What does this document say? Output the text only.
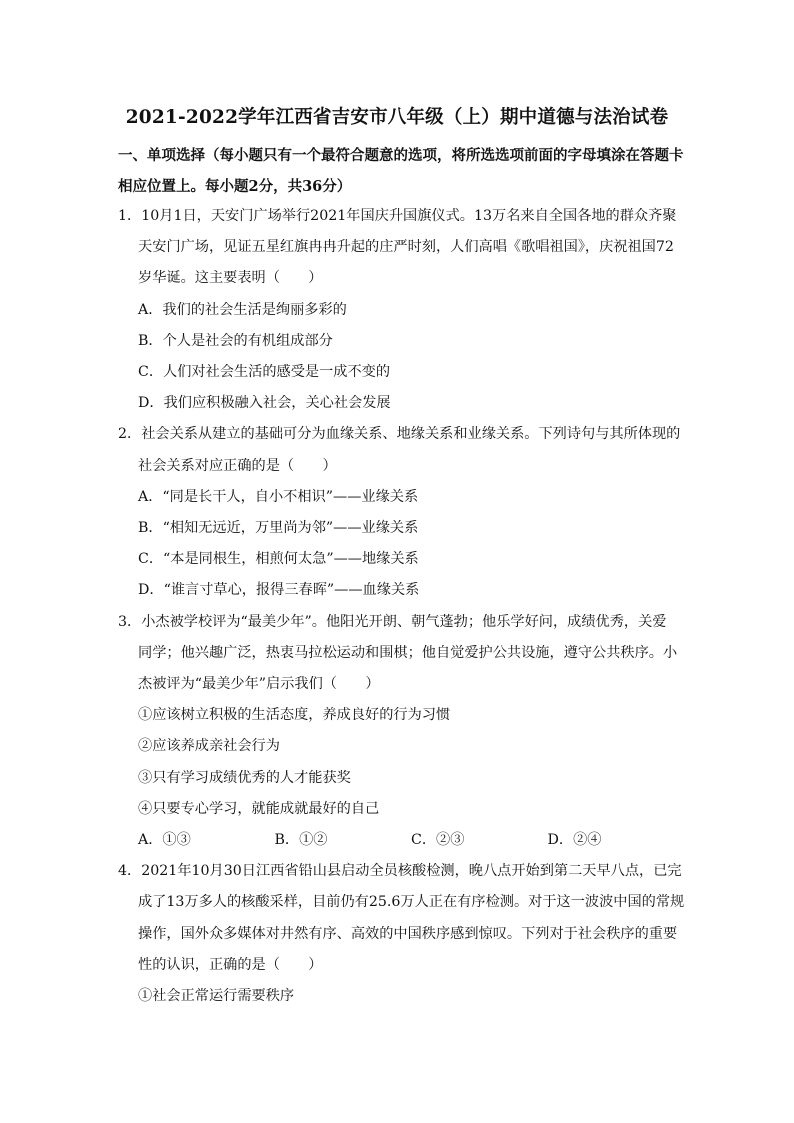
2021-2022学年江西省吉安市八年级（上）期中道德与法治试卷
一、单项选择（每小题只有一个最符合题意的选项，将所选选项前面的字母填涂在答题卡
相应位置上。每小题2分，共36分）
1．10月1日，天安门广场举行2021年国庆升国旗仪式。13万名来自全国各地的群众齐聚
天安门广场，见证五星红旗冉冉升起的庄严时刻，人们高唱《歌唱祖国》，庆祝祖国72
岁华诞。这主要表明（　　）
A．我们的社会生活是绚丽多彩的
B．个人是社会的有机组成部分
C．人们对社会生活的感受是一成不变的
D．我们应积极融入社会，关心社会发展
2．社会关系从建立的基础可分为血缘关系、地缘关系和业缘关系。下列诗句与其所体现的
社会关系对应正确的是（　　）
A．“同是长干人，自小不相识”——业缘关系
B．“相知无远近，万里尚为邻”——业缘关系
C．“本是同根生，相煎何太急”——地缘关系
D．“谁言寸草心，报得三春晖”——血缘关系
3．小杰被学校评为“最美少年”。他阳光开朗、朝气蓬勃；他乐学好问，成绩优秀，关爱
同学；他兴趣广泛，热衷马拉松运动和围棋；他自觉爱护公共设施，遵守公共秩序。小
杰被评为“最美少年”启示我们（　　）
①应该树立积极的生活态度，养成良好的行为习惯
②应该养成亲社会行为
③只有学习成绩优秀的人才能获奖
④只要专心学习，就能成就最好的自己
A．①③	B．①②	C．②③	D．②④
4．2021年10月30日江西省铅山县启动全员核酸检测，晚八点开始到第二天早八点，已完
成了13万多人的核酸采样，目前仍有25.6万人正在有序检测。对于这一波波中国的常规
操作，国外众多媒体对井然有序、高效的中国秩序感到惊叹。下列对于社会秩序的重要
性的认识，正确的是（　　）
①社会正常运行需要秩序
